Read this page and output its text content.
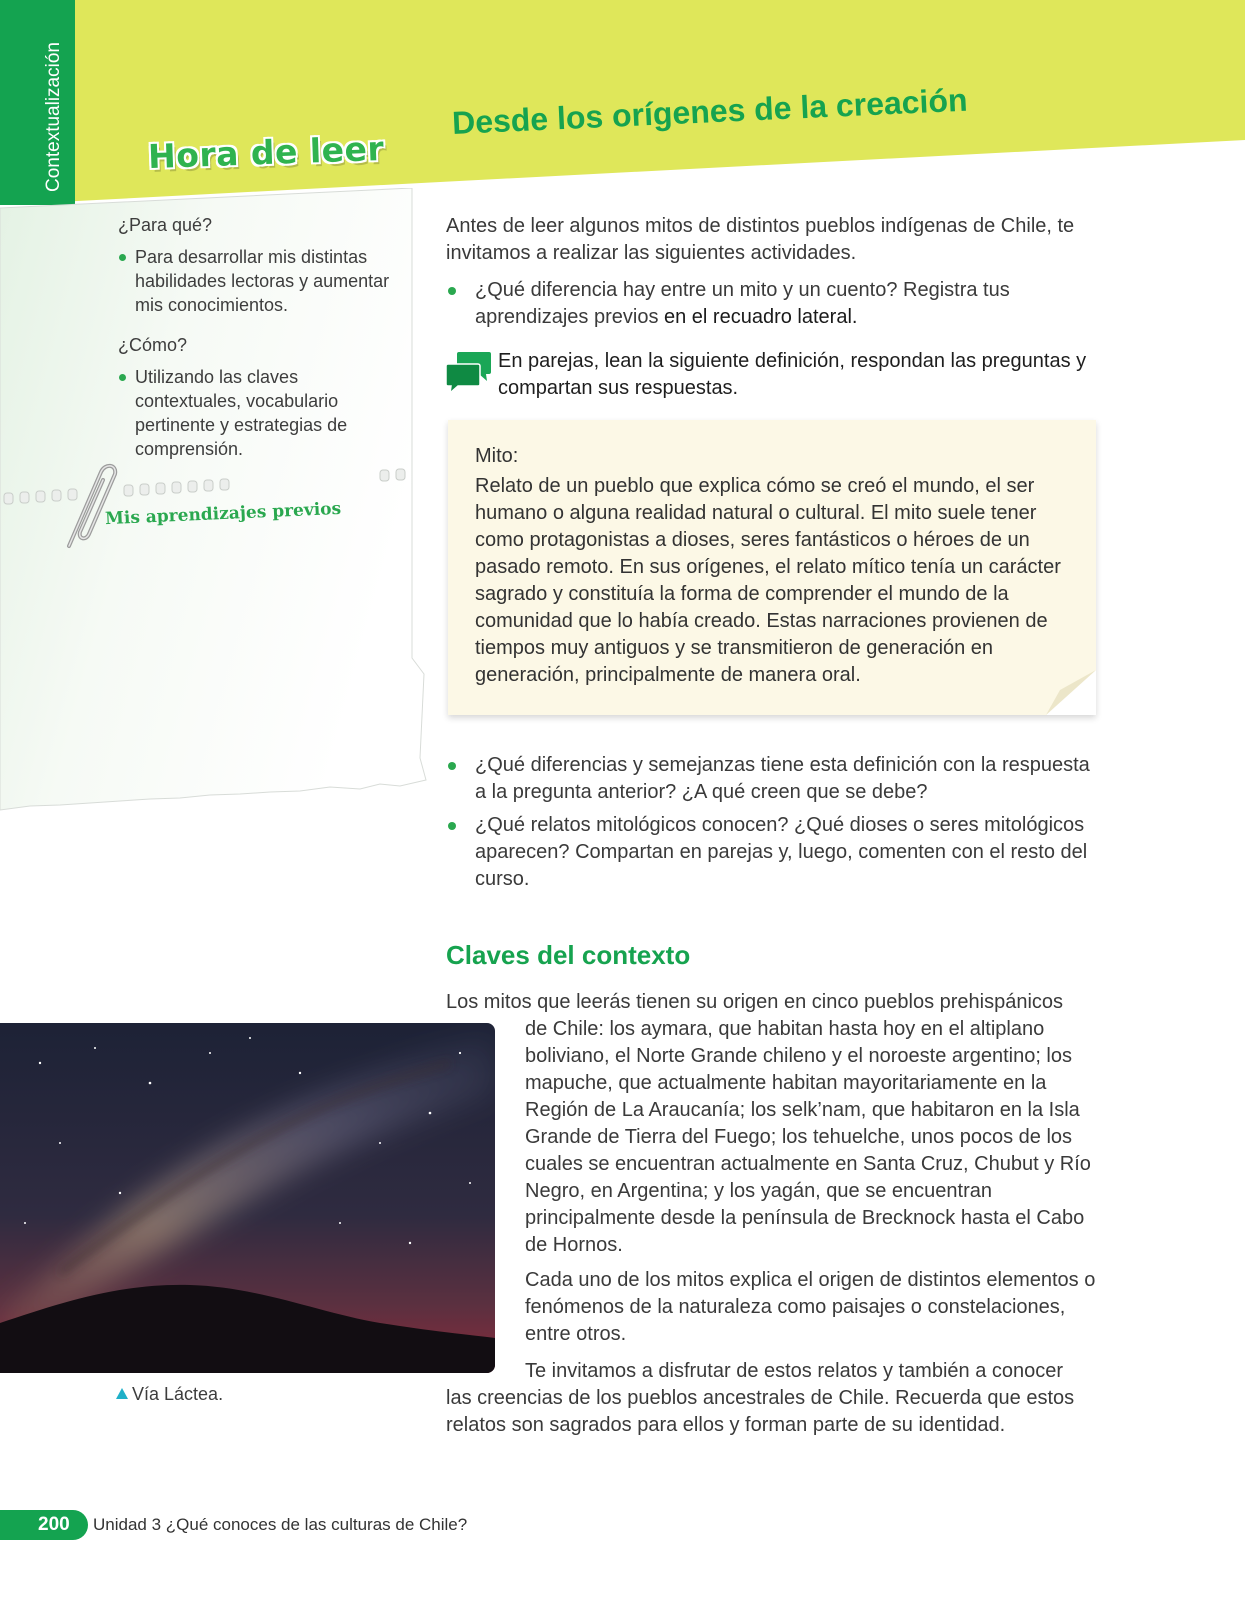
Contextualización	Hora de leer
Desde los orígenes de la creación

¿Para qué?

Para desarrollar mis distintas habilidades lectoras y aumentar mis conocimientos.

¿Cómo?

Utilizando las claves contextuales, vocabulario pertinente y estrategias de comprensión.
Mis aprendizajes previos

Antes de leer algunos mitos de distintos pueblos indígenas de Chile, te invitamos a realizar las siguientes actividades.

¿Qué diferencia hay entre un mito y un cuento? Registra tus aprendizajes previos en el recuadro lateral.

En parejas, lean la siguiente definición, respondan las preguntas y compartan sus respuestas.

Mito:

Relato de un pueblo que explica cómo se creó el mundo, el ser humano o alguna realidad natural o cultural. El mito suele tener como protagonistas a dioses, seres fantásticos o héroes de un pasado remoto. En sus orígenes, el relato mítico tenía un carácter sagrado y constituía la forma de comprender el mundo de la comunidad que lo había creado. Estas narraciones provienen de tiempos muy antiguos y se transmitieron de generación en generación, principalmente de manera oral.

¿Qué diferencias y semejanzas tiene esta definición con la respuesta a la pregunta anterior? ¿A qué creen que se debe?
¿Qué relatos mitológicos conocen? ¿Qué dioses o seres mitológicos aparecen? Compartan en parejas y, luego, comenten con el resto del curso.
Claves del contexto

Los mitos que leerás tienen su origen en cinco pueblos prehispánicos

de Chile: los aymara, que habitan hasta hoy en el altiplano boliviano, el Norte Grande chileno y el noroeste argentino; los mapuche, que actualmente habitan mayoritariamente en la Región de La Araucanía; los selk’nam, que habitaron en la Isla Grande de Tierra del Fuego; los tehuelche, unos pocos de los cuales se encuentran actualmente en Santa Cruz, Chubut y Río Negro, en Argentina; y los yagán, que se encuentran principalmente desde la península de Brecknock hasta el Cabo de Hornos.

Cada uno de los mitos explica el origen de distintos elementos o fenómenos de la naturaleza como paisajes o constelaciones, entre otros.

Te invitamos a disfrutar de estos relatos y también a conocer

las creencias de los pueblos ancestrales de Chile. Recuerda que estos relatos son sagrados para ellos y forman parte de su identidad.

Vía Láctea.

200	Unidad 3 ¿Qué conoces de las culturas de Chile?
